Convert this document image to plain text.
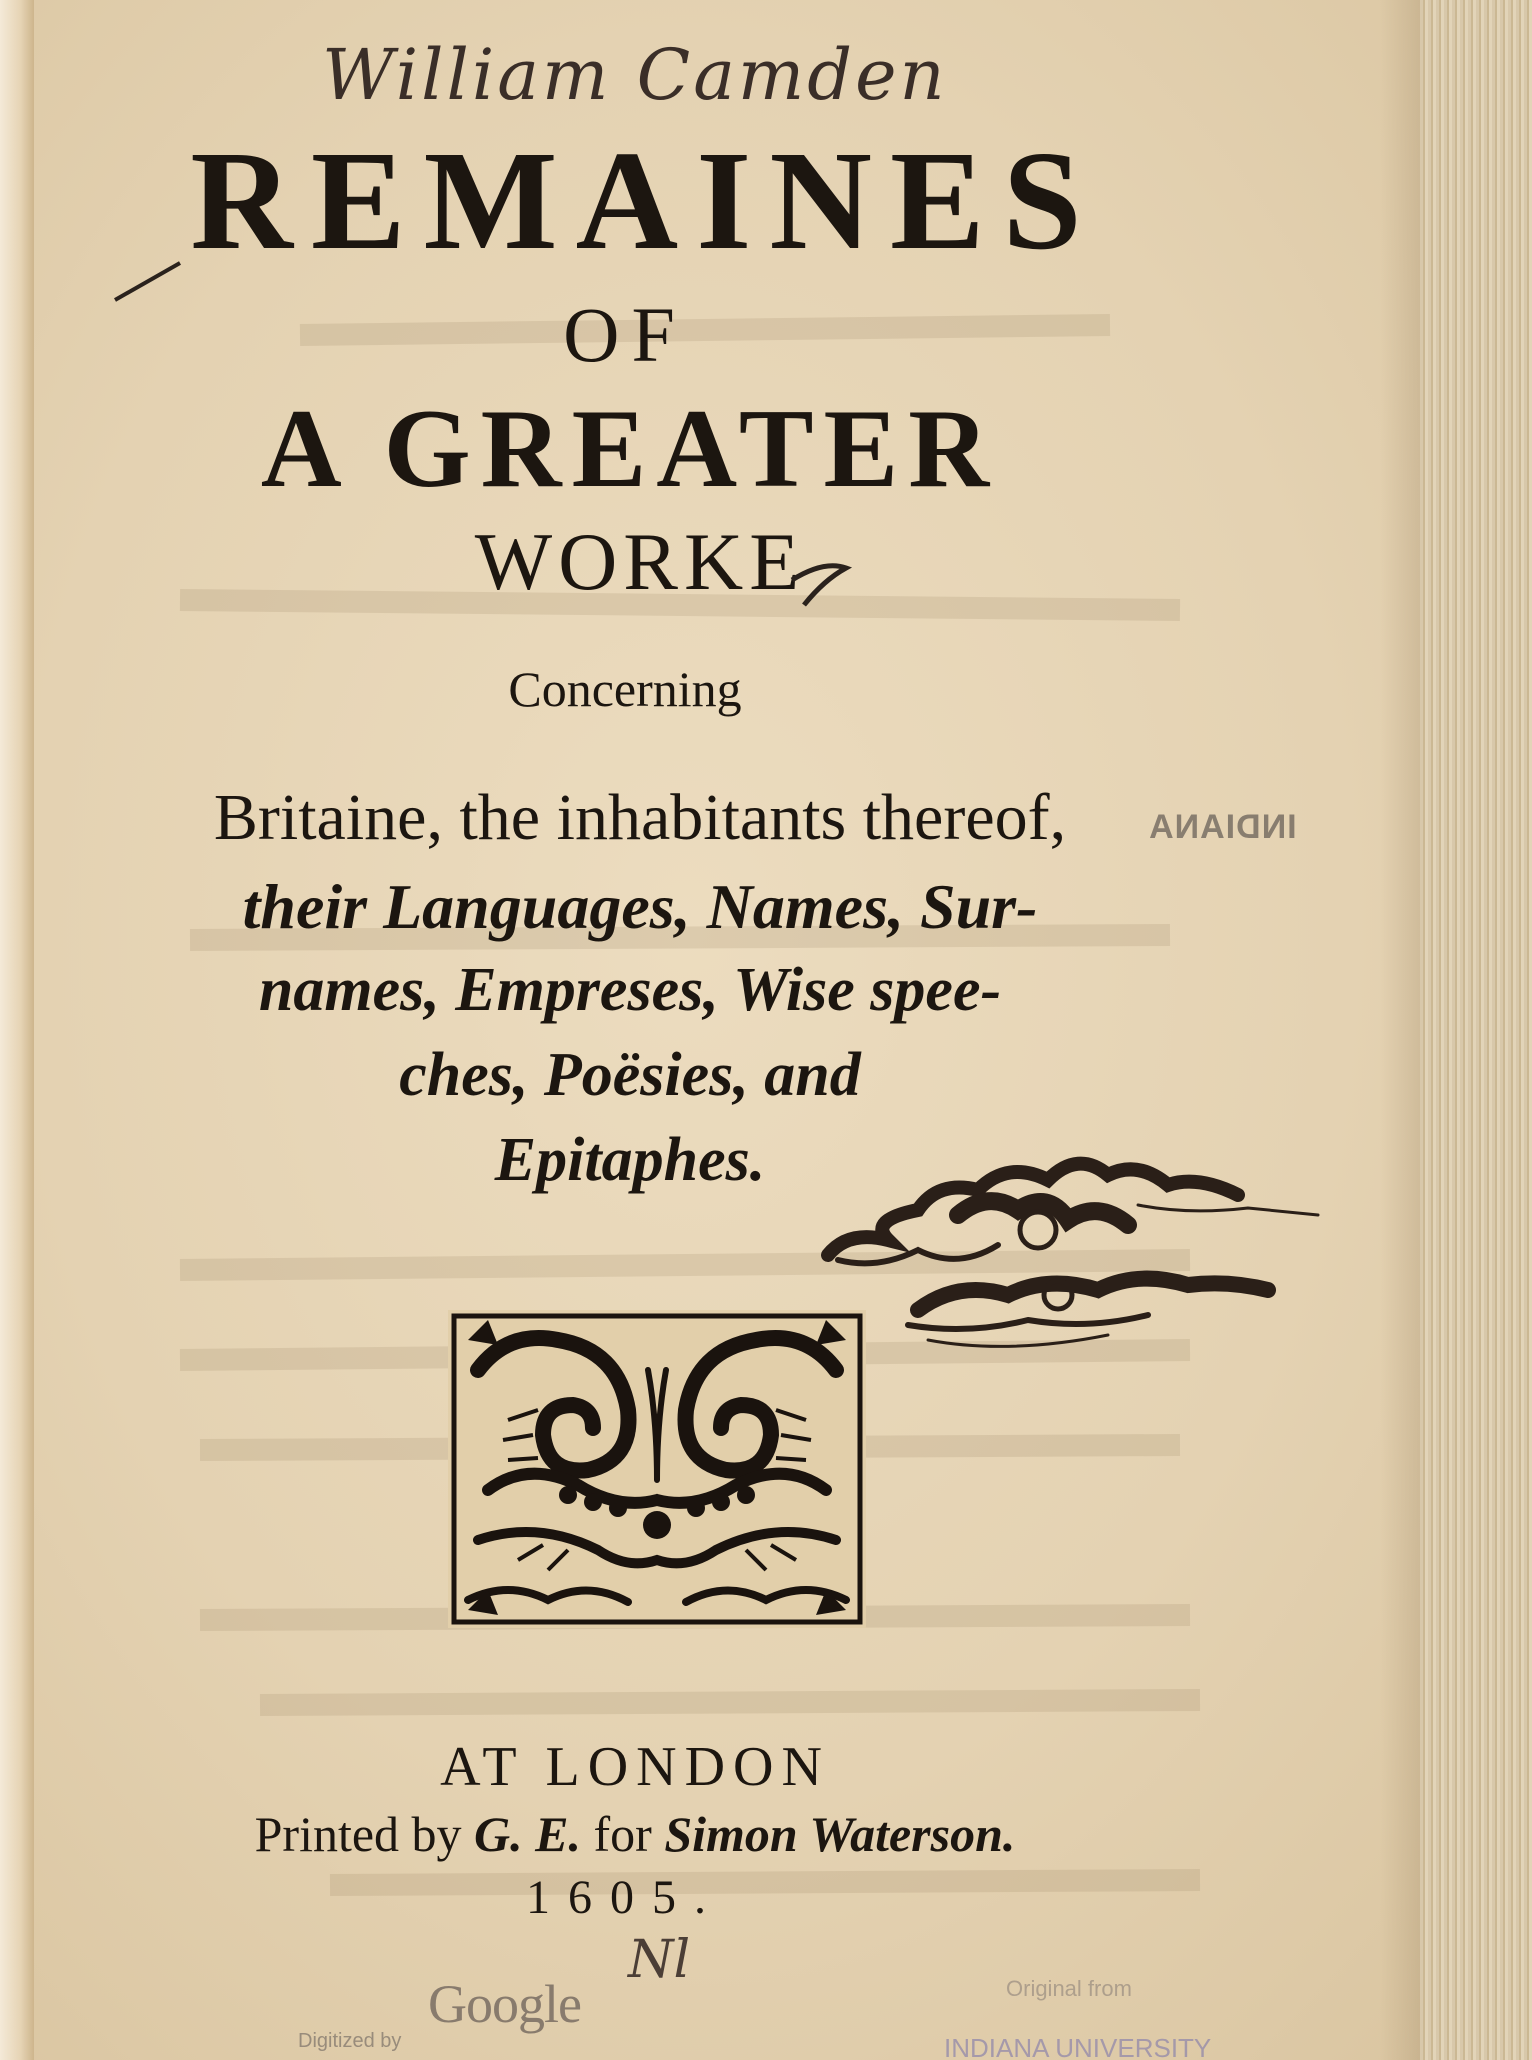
William Camden
REMAINES
OF
A GREATER
WORKE
Concerning
Britaine, the inhabitants thereof,
their Languages, Names, Sur-
names, Empreses, Wise spee-
ches, Poësies, and
Epitaphes.
INDIANA
AT LONDON
Printed by G. E. for Simon Waterson.
1605.
Nl
Digitized by
Google	Original from
INDIANA UNIVERSITY
